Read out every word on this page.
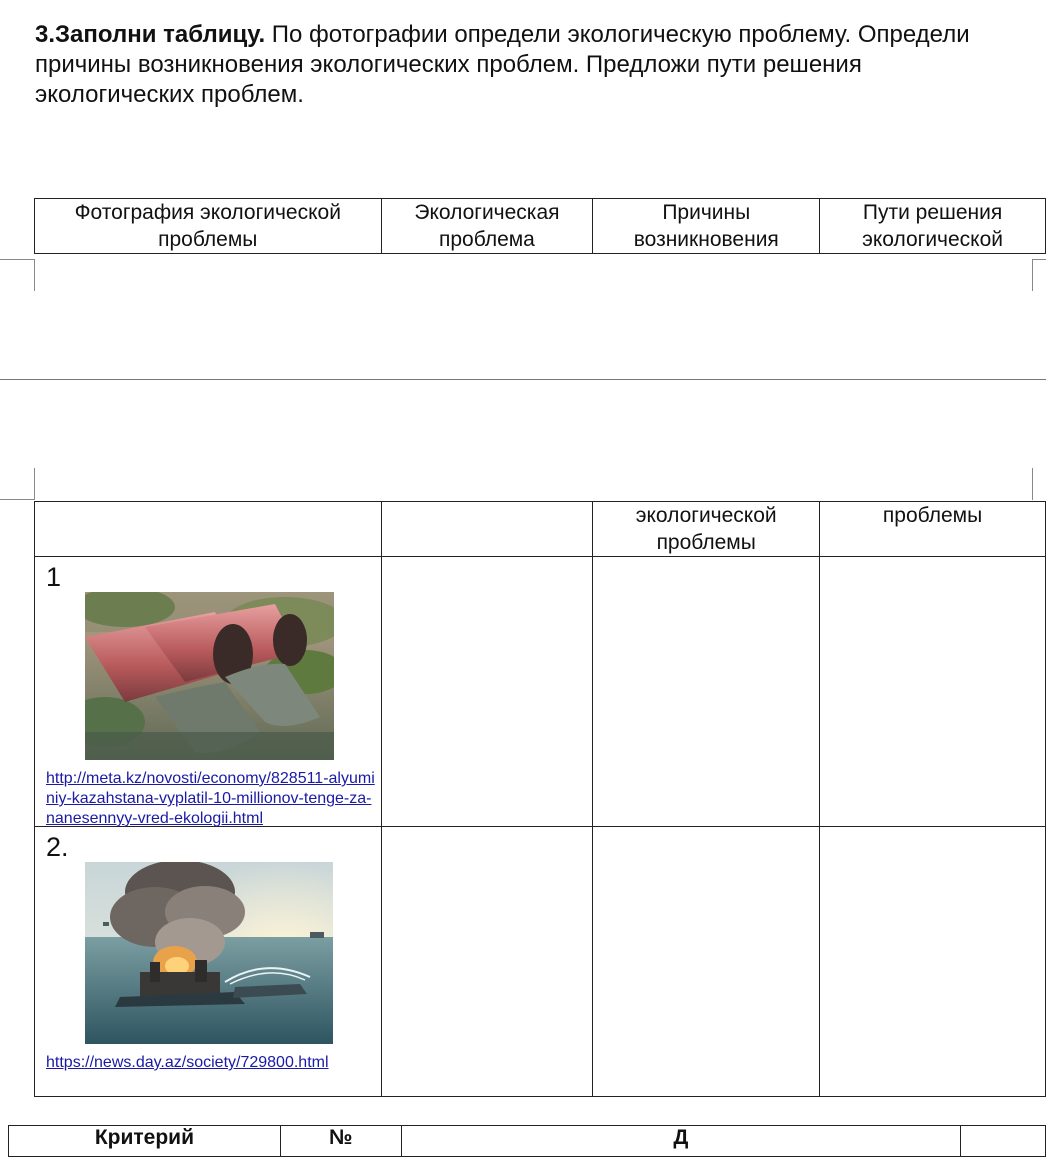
3.Заполни таблицу. По фотографии определи экологическую проблему. Определи причины возникновения экологических проблем. Предложи пути решения экологических проблем.

Фотография экологической проблемы	Экологическая проблема	Причины возникновения	Пути решения экологической
		экологической проблемы	проблемы

1
http://meta.kz/novosti/economy/828511-alyuminiy-kazahstana-vyplatil-10-millionov-tenge-za-nanesennyy-vred-ekologii.html			

2.
https://news.day.az/society/729800.html			

Критерий	№	Д	
